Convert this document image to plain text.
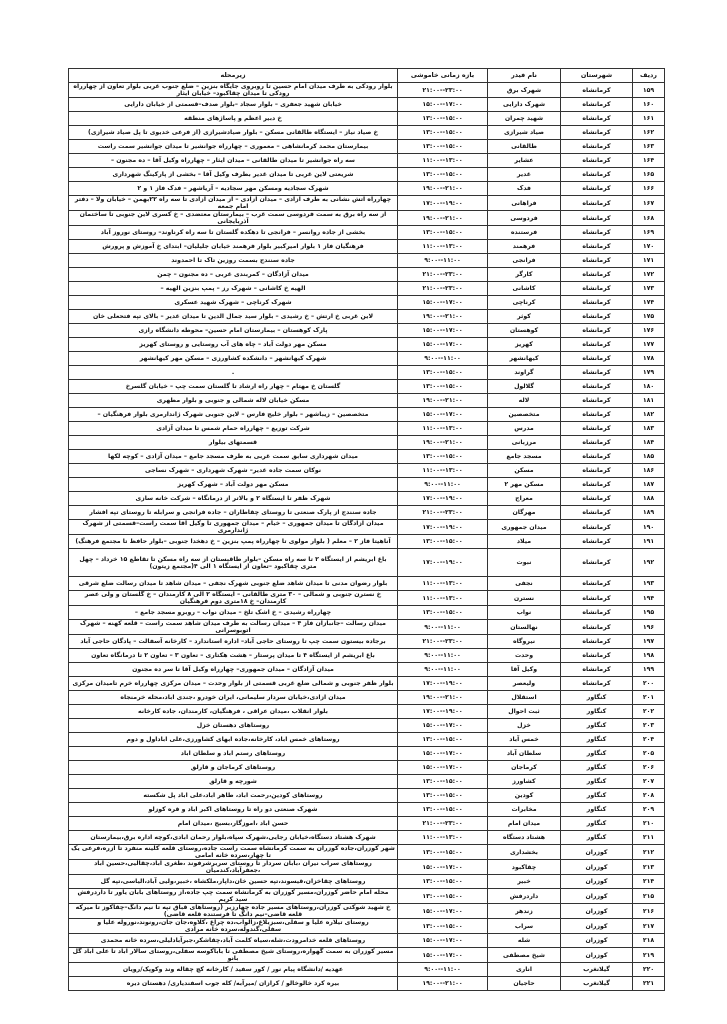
ردیف	شهرستان	نام فیدر	بازه زمانی خاموشی	زیرمحله
۱۵۹	کرمانشاه	شهرک برق	۲۱:۰۰--۲۳:۰۰	بلوار رودکی به طرف میدان امام حسین تا روبروی جایگاه بنزین – ضلع جنوب غربی بلوار تعاون از چهارراه رودکی تا میدان چقاکبود– خیابان ایثار
۱۶۰	کرمانشاه	شهرک دارایی	۱۵:۰۰--۱۷:۰۰	خیابان شهید جعفری – بلوار سجاد –بلوار صدف–قسمتی از خیابان دارایی
۱۶۱	کرمانشاه	شهید چمران	۱۳:۰۰--۱۵:۰۰	خ دبیر اعظم و پاساژهای منطقه
۱۶۲	کرمانشاه	صیاد شیرازی	۱۳:۰۰--۱۵:۰۰	خ صیاد نیاز – ایستگاه طالقانی مسکن – بلوار صیادشیرازی (از فرعی خدیوی تا پل صیاد شیرازی)
۱۶۳	کرمانشاه	طالقانی	۱۳:۰۰--۱۵:۰۰	بیمارستان محمد کرمانشاهی – معموری – چهارراه جوانشیر تا میدان جوانشیر سمت راست
۱۶۴	کرمانشاه	عشایر	۱۱:۰۰--۱۳:۰۰	سه راه جوانشیر تا میدان طالقانی – میدان ایثار – چهارراه وکیل آقا – ده مجنون –
۱۶۵	کرمانشاه	غدیر	۱۳:۰۰--۱۵:۰۰	شریعتی لاین غربی تا میدان غدیر بطرف وکیل آقا – بخشی از پارکینگ شهرداری
۱۶۶	کرمانشاه	فدک	۱۹:۰۰--۲۱:۰۰	شهرک سجادیه ومسکن مهر سجادیه – آریاشهر – فدک فاز ۱ و ۲
۱۶۷	کرمانشاه	فراهانی	۱۷:۰۰--۱۹:۰۰	چهارراه آتش نشانی به طرف آزادی – میدان آزادی – از میدان آزادی تا سه راه ۲۲بهمن – خیابان ولا – دفتر امام جمعه
۱۶۸	کرمانشاه	فردوسی	۱۹:۰۰--۲۱:۰۰	از سه راه برق به سمت فردوسی سمت غرب – بیمارستان معتضدی – خ کسری لاین جنوبی تا ساختمان آذربایجانی
۱۶۹	کرمانشاه	فرستنده	۱۳:۰۰--۱۵:۰۰	بخشی از جاده روانسر – فرانجی تا دهکده گلستان تا سه راه کرناوند– روستای نوروز آباد
۱۷۰	کرمانشاه	فرهمند	۱۱:۰۰--۱۳:۰۰	فرهنگیان فاز ۱ بلوار امیرکبیر بلوار فرهمند خیابان جلیلیان– ابتدای خ آموزش و پرورش
۱۷۱	کرمانشاه	فرانجی	۹:۰۰--۱۱:۰۰	جاده سنندج بسمت روزین تاک تا احمدوند
۱۷۲	کرمانشاه	کارگر	۲۱:۰۰--۲۳:۰۰	میدان آزادگان – کمربندی غربی – ده مجنون – چمن
۱۷۳	کرمانشاه	کاشانی	۲۱:۰۰--۲۳:۰۰	الهیه خ کاشانی – شهرک رز – پمپ بنزین الهیه –
۱۷۴	کرمانشاه	کرناچی	۱۵:۰۰--۱۷:۰۰	شهرک کرناچی – شهرک شهید عسکری
۱۷۵	کرمانشاه	کوثر	۱۹:۰۰--۲۱:۰۰	لاین غربی خ ارتش – خ رشیدی – بلوار سید جمال الدین تا میدان غدیر – بالای تپه فتحعلی خان
۱۷۶	کرمانشاه	کوهستان	۱۵:۰۰--۱۷:۰۰	پارک کوهستان – بیمارستان امام حسین– محوطه دانشگاه رازی
۱۷۷	کرمانشاه	کهریز	۱۵:۰۰--۱۷:۰۰	مسکن مهر دولت آباد – چاه های آب روستایی و روستای کهریز
۱۷۸	کرمانشاه	کیهانشهر	۹:۰۰--۱۱:۰۰	شهرک کیهانشهر – دانشکده کشاورزی – مسکن مهر کیهانشهر
۱۷۹	کرمانشاه	گراوند	۱۳:۰۰--۱۵:۰۰	.
۱۸۰	کرمانشاه	گلالول	۱۳:۰۰--۱۵:۰۰	گلستان خ مهتام – چهار راه ارشاد تا گلستان سمت چپ – خیابان گلسرخ
۱۸۱	کرمانشاه	لاله	۱۹:۰۰--۲۱:۰۰	مسکن خیابان لاله شمالی و جنوبی و بلوار مطهری
۱۸۲	کرمانشاه	متخصصین	۱۵:۰۰--۱۷:۰۰	متخصصین – زیباشهر – بلوار خلیج فارس – لاین جنوبی شهرک ژاندارمری بلوار فرهنگیان –
۱۸۳	کرمانشاه	مدرس	۱۱:۰۰--۱۳:۰۰	شرکت توزیع – چهارراه حمام شمس تا میدان آزادی
۱۸۴	کرمانشاه	مرزبانی	۱۹:۰۰--۲۱:۰۰	قسمتهای بیلوار
۱۸۵	کرمانشاه	مسجد جامع	۱۳:۰۰--۱۵:۰۰	میدان شهرداری سابق سمت غربی به طرف مسجد جامع – میدان آزادی – کوچه لکها
۱۸۶	کرمانشاه	مسکن	۱۱:۰۰--۱۳:۰۰	نوکان سمت جاده غدیر– شهرک شهرداری – شهرک نساجی
۱۸۷	کرمانشاه	مسکن مهر ۲	۹:۰۰--۱۱:۰۰	مسکن مهر دولت آباد – شهرک کهریز
۱۸۸	کرمانشاه	معراج	۱۷:۰۰--۱۹:۰۰	شهرک ظفر تا ایستگاه ۲ و بالاتر از درمانگاه – شرکت خانه سازی
۱۸۹	کرمانشاه	مهرگان	۲۱:۰۰--۲۳:۰۰	جاده سنندج از پارک صنعتی تا روستای چقاطاران – جاده فرانجی و سرابله تا روستای تپه افشار
۱۹۰	کرمانشاه	میدان جمهوری	۱۷:۰۰--۱۹:۰۰	میدان آزادگان تا میدان جمهوری – خیام – میدان جمهوری تا وکیل آقا سمت راست–قسمتی از شهرک ژاندارمری
۱۹۱	کرمانشاه	میلاد	۱۳:۰۰--۱۵:۰۰	آناهیتا فاز ۲ – معلم ( بلوار مولوی تا چهارراه پمپ بنزین – خ دهخدا جنوبی –بلوار حافظ تا مجتمع فرهنگ)
۱۹۲	کرمانشاه	نبوت	۱۷:۰۰--۱۹:۰۰	باغ ابریشم از ایستگاه ۲ تا سه راه مسکن –بلوار طاقبستان از سه راه مسکن تا تقاطع ۱۵ خرداد – چهل متری چقاکبود –تعاون از ایستگاه ۱ الی ۴(مجتمع زیتون)
۱۹۳	کرمانشاه	نجفی	۱۱:۰۰--۱۳:۰۰	بلوار رضوان مدنی تا میدان شاهد ضلع جنوبی شهرک نجفی – میدان شاهد تا میدان رسالت ضلع شرقی
۱۹۴	کرمانشاه	نسترن	۱۱:۰۰--۱۳:۰۰	خ نسترن جنوبی و شمالی – ۳۰ متری طالقانی – ایستگاه ۲ الی ۸ کارمندان – خ گلستان و ولی عصر کارمندان– خ ۱۸متری دوم فرهنگیان
۱۹۵	کرمانشاه	نواب	۱۳:۰۰--۱۵:۰۰	چهارراه رشیدی – خ اشک تلخ – میدان نواب – روبرو مسجد جامع –
۱۹۶	کرمانشاه	نهالستان	۹:۰۰--۱۱:۰۰	میدان رسالت –جانبازان فاز ۴ – میدان رسالت به طرف میدان شاهد سمت راست – قلعه کهنه – شهرک اتوبوسرانی
۱۹۷	کرمانشاه	نیروگاه	۲۱:۰۰--۲۳:۰۰	برجاده بیستون سمت چپ تا روستای حاجی آباد– اداره استاندارد – کارخانه آسفالت – پادگان حاجی آباد
۱۹۸	کرمانشاه	وحدت	۹:۰۰--۱۱:۰۰	باغ ابریشم از ایستگاه ۴ تا میدان پرستار – هشت هکتاری – تعاون ۳ – تعاون ۲ تا درمانگاه تعاون
۱۹۹	کرمانشاه	وکیل آقا	۹:۰۰--۱۱:۰۰	میدان آزادگان – میدان جمهوری– چهارراه وکیل آقا تا سر ده مجنون
۲۰۰	کرمانشاه	ولیعصر	۱۷:۰۰--۱۹:۰۰	بلوار ظفر جنوبی و شمالی ضلع غربی قسمتی از بلوار وحدت – میدان مرکزی چهارراه خرم تامیدان مرکزی
۲۰۱	کنگاور	استقلال	۱۹:۰۰--۲۱:۰۰	میدان ازادی،خیابان سردار سلیمانی، ایران خودرو ،جندی اباد،محله خرمنجاه
۲۰۲	کنگاور	ثبت احوال	۱۷:۰۰--۱۹:۰۰	بلوار انقلاب ،میدان عراقی ، فرهنگیان، کارمندان، جاده کارخانه
۲۰۳	کنگاور	خزل	۱۵:۰۰--۱۷:۰۰	روستاهای دهستان خزل
۲۰۴	کنگاور	خمس آباد	۱۳:۰۰--۱۵:۰۰	روستاهای خمس اباد، کارخانه،جاده ابهای کشاورزی،علی اباداول و دوم
۲۰۵	کنگاور	سلطان آباد	۱۵:۰۰--۱۷:۰۰	روستاهای رستم اباد و سلطان اباد
۲۰۶	کنگاور	کرماجان	۱۵:۰۰--۱۷:۰۰	روستاهای کرماجان و قارلق
۲۰۷	کنگاور	کشاورز	۱۳:۰۰--۱۵:۰۰	شورچه و قارلق
۲۰۸	کنگاور	کودین	۱۳:۰۰--۱۵:۰۰	روستاهای کودین،رحمت اباد، طاهر اباد،علی اباد پل شکسته
۲۰۹	کنگاور	مخابرات	۱۳:۰۰--۱۵:۰۰	شهرک صنعتی دو راه تا روستاهای اکبر اباد و قره کوزلو
۲۱۰	کنگاور	میدان امام	۲۱:۰۰--۲۳:۰۰	حسن اباد ،اموزگار،بسیج ،میدان امام
۲۱۱	کنگاور	هشتاد دستگاه	۱۱:۰۰--۱۳:۰۰	شهرک هشتاد دستگاه،خیابان رجایی،شهرک سپاه،بلوار رحمان ابادی،کوچه اداره برق،بیمارستان
۲۱۲	کوزران	بخشداری	۱۳:۰۰--۱۵:۰۰	شهر کوزران،جاده کوزران به سمت کرمانشاه سمت راست جاده،روستای قلعه کلینه منفرد تا ازره،فرعی یک تا چهار،سرده خانه امامی
۲۱۳	کوزران	چقاکبود	۱۵:۰۰--۱۷:۰۰	روستاهای سراب نیران ،بابان سردار تا روستای سربرشرفوند ،طغری آباد،چقالیی،حسین آباد ،جعفرآباد،کندمیان
۲۱۴	کوزران	خبیر	۱۳:۰۰--۱۵:۰۰	روستاهای چقاخزان،قیسوند،تپه حسین خان،داپار،ملکشاه ،خبیر،ولیی آباد،الیاسی،تپه گل
۲۱۵	کوزران	داردرفش	۱۳:۰۰--۱۵:۰۰	محله امام حاضر کوزران،مسیر کوزران به کرمانشاه سمت چپ جاده،از روستاهای بابان یاور تا داردرفش سید کریم
۲۱۶	کوزران	زندهر	۱۵:۰۰--۱۷:۰۰	خ شهید شوکتی کوزران،روستاهای مسیر جاده چهارزبر (روستاهای قباق تپه تا نیم دانگ–چقاکوز تا میرکه قلعه قاضی–نیم دانگ تا فرستنده قلعه قاضی)
۲۱۷	کوزران	سراب	۱۳:۰۰--۱۵:۰۰	روستای تیلاره علیا و سفلی،سبزبلاغ،زالوآب،ده چراغ ،کلاوه،جان جان،رونوند،نوروله علیا و سفلی،گندوله،سرده خانه مرادی
۲۱۸	کوزران	شله	۱۵:۰۰--۱۷:۰۰	روستاهای قلعه خدامرودت،شله،سیاه کلمت آباد،چقاشکر،جبرآبادلیلی،سرده خانه محمدی
۲۱۹	کوزران	شیخ مصطفی	۱۵:۰۰--۱۷:۰۰	مسیر کوزران به سمت گهواره،روستای شیخ مصطفی تا باباکوسه سفلی،روستای سالار آباد تا علی آباد گل بانو
۲۲۰	گیلانغرب	اناری	۹:۰۰--۱۱:۰۰	عهدیه /دانشگاه پیام نور / کور سفید / کارخانه کچ چقاله وند وکوپک/رویان
۲۲۱	گیلانغرب	حاجیان	۱۹:۰۰--۲۱:۰۰	بیره کرد خالوخالو / کرازان /میرآبه/ کله جوب اسفندیاری/ دهستان دیره
